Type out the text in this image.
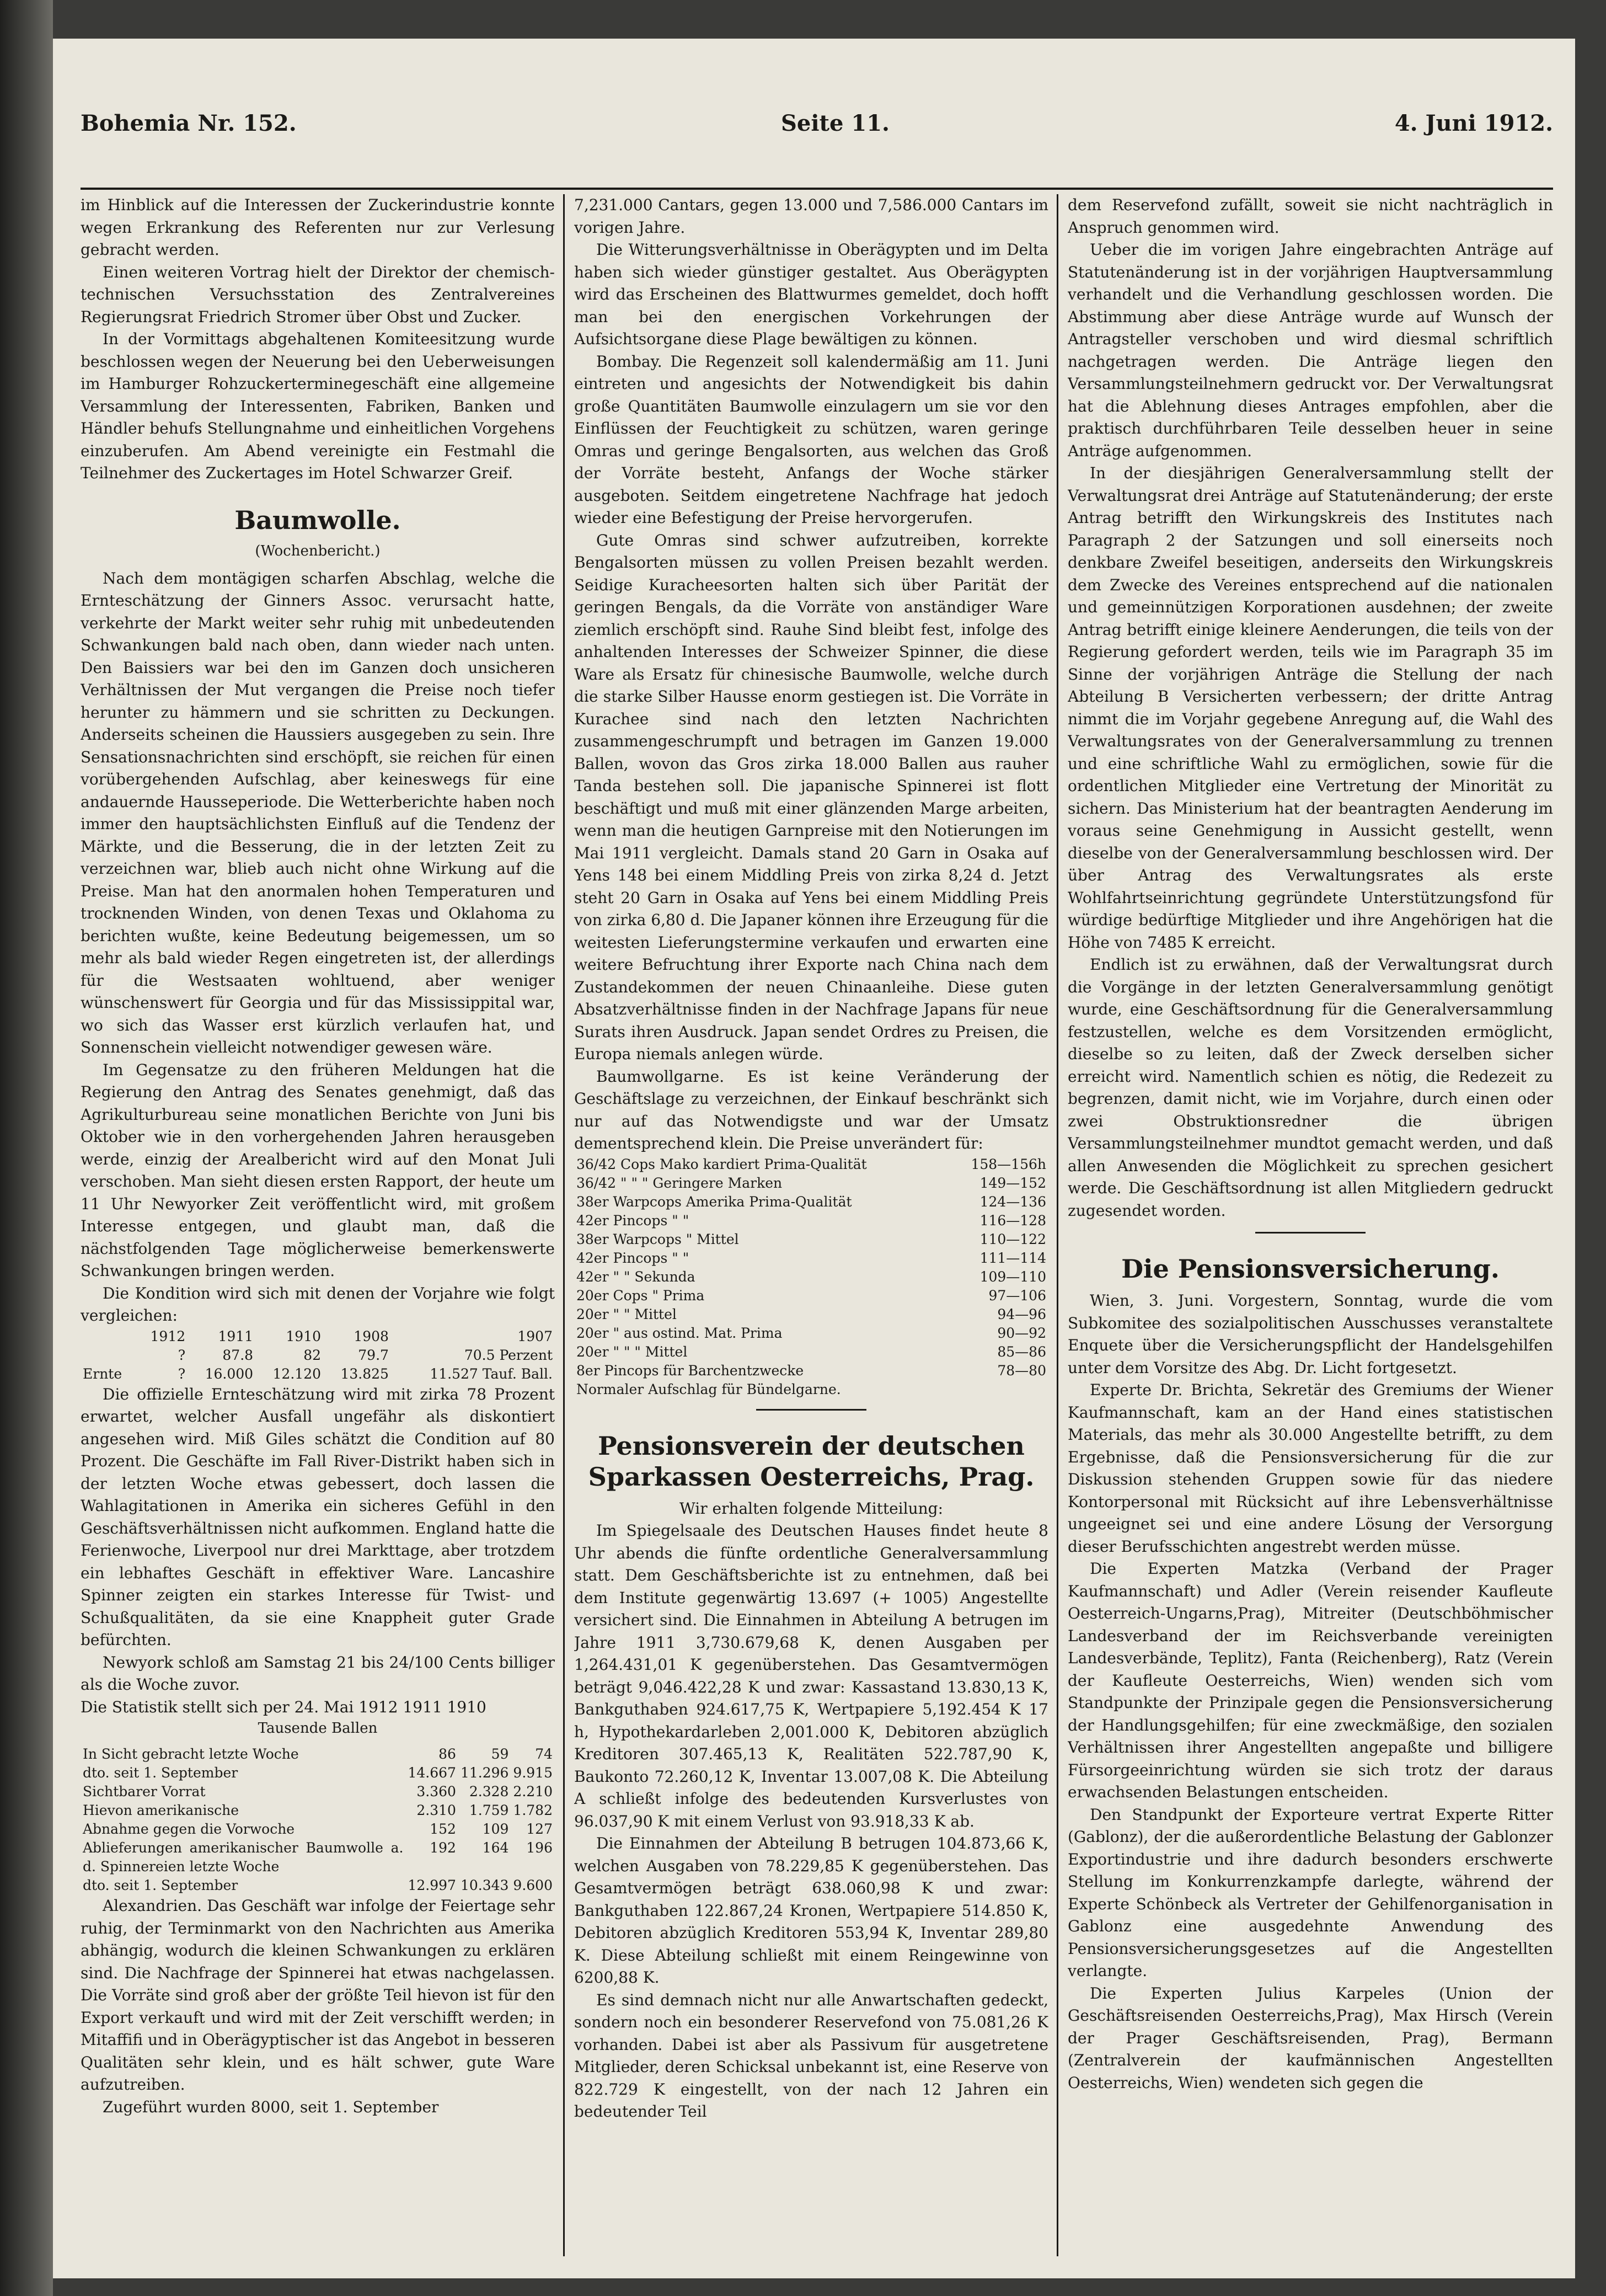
Bohemia Nr. 152.	Seite 11.	4. Juni 1912.

im Hinblick auf die Interessen der Zuckerindustrie konnte wegen Erkrankung des Referenten nur zur Verlesung gebracht werden.

Einen weiteren Vortrag hielt der Direktor der chemisch-technischen Versuchsstation des Zentralvereines Regierungsrat Friedrich Stromer über Obst und Zucker.

In der Vormittags abgehaltenen Komiteesitzung wurde beschlossen wegen der Neuerung bei den Ueberweisungen im Hamburger Rohzuckerterminegeschäft eine allgemeine Versammlung der Interessenten, Fabriken, Banken und Händler behufs Stellungnahme und einheitlichen Vorgehens einzuberufen. Am Abend vereinigte ein Festmahl die Teilnehmer des Zuckertages im Hotel Schwarzer Greif.

Baumwolle.
(Wochenbericht.)

Nach dem montägigen scharfen Abschlag, welche die Ernteschätzung der Ginners Assoc. verursacht hatte, verkehrte der Markt weiter sehr ruhig mit unbedeutenden Schwankungen bald nach oben, dann wieder nach unten. Den Baissiers war bei den im Ganzen doch unsicheren Verhältnissen der Mut vergangen die Preise noch tiefer herunter zu hämmern und sie schritten zu Deckungen. Anderseits scheinen die Haussiers ausgegeben zu sein. Ihre Sensationsnachrichten sind erschöpft, sie reichen für einen vorübergehenden Aufschlag, aber keineswegs für eine andauernde Hausseperiode. Die Wetterberichte haben noch immer den hauptsächlichsten Einfluß auf die Tendenz der Märkte, und die Besserung, die in der letzten Zeit zu verzeichnen war, blieb auch nicht ohne Wirkung auf die Preise. Man hat den anormalen hohen Temperaturen und trocknenden Winden, von denen Texas und Oklahoma zu berichten wußte, keine Bedeutung beigemessen, um so mehr als bald wieder Regen eingetreten ist, der allerdings für die Westsaaten wohltuend, aber weniger wünschenswert für Georgia und für das Mississippital war, wo sich das Wasser erst kürzlich verlaufen hat, und Sonnenschein vielleicht notwendiger gewesen wäre.

Im Gegensatze zu den früheren Meldungen hat die Regierung den Antrag des Senates genehmigt, daß das Agrikulturbureau seine monatlichen Berichte von Juni bis Oktober wie in den vorhergehenden Jahren herausgeben werde, einzig der Arealbericht wird auf den Monat Juli verschoben. Man sieht diesen ersten Rapport, der heute um 11 Uhr Newyorker Zeit veröffentlicht wird, mit großem Interesse entgegen, und glaubt man, daß die nächstfolgenden Tage möglicherweise bemerkenswerte Schwankungen bringen werden.

Die Kondition wird sich mit denen der Vorjahre wie folgt vergleichen:

	1912	1911	1910	1908	1907
	?	87.8	82	79.7	70.5 Perzent
Ernte	?	16.000	12.120	13.825	11.527 Tauf. Ball.

Die offizielle Ernteschätzung wird mit zirka 78 Prozent erwartet, welcher Ausfall ungefähr als diskontiert angesehen wird. Miß Giles schätzt die Condition auf 80 Prozent. Die Geschäfte im Fall River-Distrikt haben sich in der letzten Woche etwas gebessert, doch lassen die Wahlagitationen in Amerika ein sicheres Gefühl in den Geschäftsverhältnissen nicht aufkommen. England hatte die Ferienwoche, Liverpool nur drei Markttage, aber trotzdem ein lebhaftes Geschäft in effektiver Ware. Lancashire Spinner zeigten ein starkes Interesse für Twist- und Schußqualitäten, da sie eine Knappheit guter Grade befürchten.

Newyork schloß am Samstag 21 bis 24/100 Cents billiger als die Woche zuvor.

Die Statistik stellt sich per 24. Mai 1912 1911 1910

Tausende Ballen
In Sicht gebracht letzte Woche	86	59	74
dto. seit 1. September	14.667	11.296	9.915
Sichtbarer Vorrat	3.360	2.328	2.210
Hievon amerikanische	2.310	1.759	1.782
Abnahme gegen die Vorwoche	152	109	127
Ablieferungen amerikanischer Baumwolle a. d. Spinnereien letzte Woche	192	164	196
dto. seit 1. September	12.997	10.343	9.600

Alexandrien. Das Geschäft war infolge der Feiertage sehr ruhig, der Terminmarkt von den Nachrichten aus Amerika abhängig, wodurch die kleinen Schwankungen zu erklären sind. Die Nachfrage der Spinnerei hat etwas nachgelassen. Die Vorräte sind groß aber der größte Teil hievon ist für den Export verkauft und wird mit der Zeit verschifft werden; in Mitaffifi und in Oberägyptischer ist das Angebot in besseren Qualitäten sehr klein, und es hält schwer, gute Ware aufzutreiben.

Zugeführt wurden 8000, seit 1. September

7,231.000 Cantars, gegen 13.000 und 7,586.000 Cantars im vorigen Jahre.

Die Witterungsverhältnisse in Oberägypten und im Delta haben sich wieder günstiger gestaltet. Aus Oberägypten wird das Erscheinen des Blattwurmes gemeldet, doch hofft man bei den energischen Vorkehrungen der Aufsichtsorgane diese Plage bewältigen zu können.

Bombay. Die Regenzeit soll kalendermäßig am 11. Juni eintreten und angesichts der Notwendigkeit bis dahin große Quantitäten Baumwolle einzulagern um sie vor den Einflüssen der Feuchtigkeit zu schützen, waren geringe Omras und geringe Bengalsorten, aus welchen das Groß der Vorräte besteht, Anfangs der Woche stärker ausgeboten. Seitdem eingetretene Nachfrage hat jedoch wieder eine Befestigung der Preise hervorgerufen.

Gute Omras sind schwer aufzutreiben, korrekte Bengalsorten müssen zu vollen Preisen bezahlt werden. Seidige Kuracheesorten halten sich über Parität der geringen Bengals, da die Vorräte von anständiger Ware ziemlich erschöpft sind. Rauhe Sind bleibt fest, infolge des anhaltenden Interesses der Schweizer Spinner, die diese Ware als Ersatz für chinesische Baumwolle, welche durch die starke Silber Hausse enorm gestiegen ist. Die Vorräte in Kurachee sind nach den letzten Nachrichten zusammengeschrumpft und betragen im Ganzen 19.000 Ballen, wovon das Gros zirka 18.000 Ballen aus rauher Tanda bestehen soll. Die japanische Spinnerei ist flott beschäftigt und muß mit einer glänzenden Marge arbeiten, wenn man die heutigen Garnpreise mit den Notierungen im Mai 1911 vergleicht. Damals stand 20 Garn in Osaka auf Yens 148 bei einem Middling Preis von zirka 8,24 d. Jetzt steht 20 Garn in Osaka auf Yens bei einem Middling Preis von zirka 6,80 d. Die Japaner können ihre Erzeugung für die weitesten Lieferungstermine verkaufen und erwarten eine weitere Befruchtung ihrer Exporte nach China nach dem Zustandekommen der neuen Chinaanleihe. Diese guten Absatzverhältnisse finden in der Nachfrage Japans für neue Surats ihren Ausdruck. Japan sendet Ordres zu Preisen, die Europa niemals anlegen würde.

Baumwollgarne. Es ist keine Veränderung der Geschäftslage zu verzeichnen, der Einkauf beschränkt sich nur auf das Notwendigste und war der Umsatz dementsprechend klein. Die Preise unverändert für:

36/42 Cops Mako kardiert Prima-Qualität	158—156h
36/42 " " " Geringere Marken	149—152
38er Warpcops Amerika Prima-Qualität	124—136
42er Pincops " "	116—128
38er Warpcops " Mittel	110—122
42er Pincops " "	111—114
42er " " Sekunda	109—110
20er Cops " Prima	97—106
20er " " Mittel	94—96
20er " aus ostind. Mat. Prima	90—92
20er " " " Mittel	85—86
8er Pincops für Barchentzwecke	78—80
Normaler Aufschlag für Bündelgarne.	
Pensionsverein der deutschen Sparkassen Oesterreichs, Prag.

Wir erhalten folgende Mitteilung:

Im Spiegelsaale des Deutschen Hauses findet heute 8 Uhr abends die fünfte ordentliche Generalversammlung statt. Dem Geschäftsberichte ist zu entnehmen, daß bei dem Institute gegenwärtig 13.697 (+ 1005) Angestellte versichert sind. Die Einnahmen in Abteilung A betrugen im Jahre 1911 3,730.679,68 K, denen Ausgaben per 1,264.431,01 K gegenüberstehen. Das Gesamtvermögen beträgt 9,046.422,28 K und zwar: Kassastand 13.830,13 K, Bankguthaben 924.617,75 K, Wertpapiere 5,192.454 K 17 h, Hypothekardarleben 2,001.000 K, Debitoren abzüglich Kreditoren 307.465,13 K, Realitäten 522.787,90 K, Baukonto 72.260,12 K, Inventar 13.007,08 K. Die Abteilung A schließt infolge des bedeutenden Kursverlustes von 96.037,90 K mit einem Verlust von 93.918,33 K ab.

Die Einnahmen der Abteilung B betrugen 104.873,66 K, welchen Ausgaben von 78.229,85 K gegenüberstehen. Das Gesamtvermögen beträgt 638.060,98 K und zwar: Bankguthaben 122.867,24 Kronen, Wertpapiere 514.850 K, Debitoren abzüglich Kreditoren 553,94 K, Inventar 289,80 K. Diese Abteilung schließt mit einem Reingewinne von 6200,88 K.

Es sind demnach nicht nur alle Anwartschaften gedeckt, sondern noch ein besonderer Reservefond von 75.081,26 K vorhanden. Dabei ist aber als Passivum für ausgetretene Mitglieder, deren Schicksal unbekannt ist, eine Reserve von 822.729 K eingestellt, von der nach 12 Jahren ein bedeutender Teil

dem Reservefond zufällt, soweit sie nicht nachträglich in Anspruch genommen wird.

Ueber die im vorigen Jahre eingebrachten Anträge auf Statutenänderung ist in der vorjährigen Hauptversammlung verhandelt und die Verhandlung geschlossen worden. Die Abstimmung aber diese Anträge wurde auf Wunsch der Antragsteller verschoben und wird diesmal schriftlich nachgetragen werden. Die Anträge liegen den Versammlungsteilnehmern gedruckt vor. Der Verwaltungsrat hat die Ablehnung dieses Antrages empfohlen, aber die praktisch durchführbaren Teile desselben heuer in seine Anträge aufgenommen.

In der diesjährigen Generalversammlung stellt der Verwaltungsrat drei Anträge auf Statutenänderung; der erste Antrag betrifft den Wirkungskreis des Institutes nach Paragraph 2 der Satzungen und soll einerseits noch denkbare Zweifel beseitigen, anderseits den Wirkungskreis dem Zwecke des Vereines entsprechend auf die nationalen und gemeinnützigen Korporationen ausdehnen; der zweite Antrag betrifft einige kleinere Aenderungen, die teils von der Regierung gefordert werden, teils wie im Paragraph 35 im Sinne der vorjährigen Anträge die Stellung der nach Abteilung B Versicherten verbessern; der dritte Antrag nimmt die im Vorjahr gegebene Anregung auf, die Wahl des Verwaltungsrates von der Generalversammlung zu trennen und eine schriftliche Wahl zu ermöglichen, sowie für die ordentlichen Mitglieder eine Vertretung der Minorität zu sichern. Das Ministerium hat der beantragten Aenderung im voraus seine Genehmigung in Aussicht gestellt, wenn dieselbe von der Generalversammlung beschlossen wird. Der über Antrag des Verwaltungsrates als erste Wohlfahrtseinrichtung gegründete Unterstützungsfond für würdige bedürftige Mitglieder und ihre Angehörigen hat die Höhe von 7485 K erreicht.

Endlich ist zu erwähnen, daß der Verwaltungsrat durch die Vorgänge in der letzten Generalversammlung genötigt wurde, eine Geschäftsordnung für die Generalversammlung festzustellen, welche es dem Vorsitzenden ermöglicht, dieselbe so zu leiten, daß der Zweck derselben sicher erreicht wird. Namentlich schien es nötig, die Redezeit zu begrenzen, damit nicht, wie im Vorjahre, durch einen oder zwei Obstruktionsredner die übrigen Versammlungsteilnehmer mundtot gemacht werden, und daß allen Anwesenden die Möglichkeit zu sprechen gesichert werde. Die Geschäftsordnung ist allen Mitgliedern gedruckt zugesendet worden.

Die Pensionsversicherung.

Wien, 3. Juni. Vorgestern, Sonntag, wurde die vom Subkomitee des sozialpolitischen Ausschusses veranstaltete Enquete über die Versicherungspflicht der Handelsgehilfen unter dem Vorsitze des Abg. Dr. Licht fortgesetzt.

Experte Dr. Brichta, Sekretär des Gremiums der Wiener Kaufmannschaft, kam an der Hand eines statistischen Materials, das mehr als 30.000 Angestellte betrifft, zu dem Ergebnisse, daß die Pensionsversicherung für die zur Diskussion stehenden Gruppen sowie für das niedere Kontorpersonal mit Rücksicht auf ihre Lebensverhältnisse ungeeignet sei und eine andere Lösung der Versorgung dieser Berufsschichten angestrebt werden müsse.

Die Experten Matzka (Verband der Prager Kaufmannschaft) und Adler (Verein reisender Kaufleute Oesterreich-Ungarns,Prag), Mitreiter (Deutschböhmischer Landesverband der im Reichsverbande vereinigten Landesverbände, Teplitz), Fanta (Reichenberg), Ratz (Verein der Kaufleute Oesterreichs, Wien) wenden sich vom Standpunkte der Prinzipale gegen die Pensionsversicherung der Handlungsgehilfen; für eine zweckmäßige, den sozialen Verhältnissen ihrer Angestellten angepaßte und billigere Fürsorgeeinrichtung würden sie sich trotz der daraus erwachsenden Belastungen entscheiden.

Den Standpunkt der Exporteure vertrat Experte Ritter (Gablonz), der die außerordentliche Belastung der Gablonzer Exportindustrie und ihre dadurch besonders erschwerte Stellung im Konkurrenzkampfe darlegte, während der Experte Schönbeck als Vertreter der Gehilfenorganisation in Gablonz eine ausgedehnte Anwendung des Pensionsversicherungsgesetzes auf die Angestellten verlangte.

Die Experten Julius Karpeles (Union der Geschäftsreisenden Oesterreichs,Prag), Max Hirsch (Verein der Prager Geschäftsreisenden, Prag), Bermann (Zentralverein der kaufmännischen Angestellten Oesterreichs, Wien) wendeten sich gegen die
